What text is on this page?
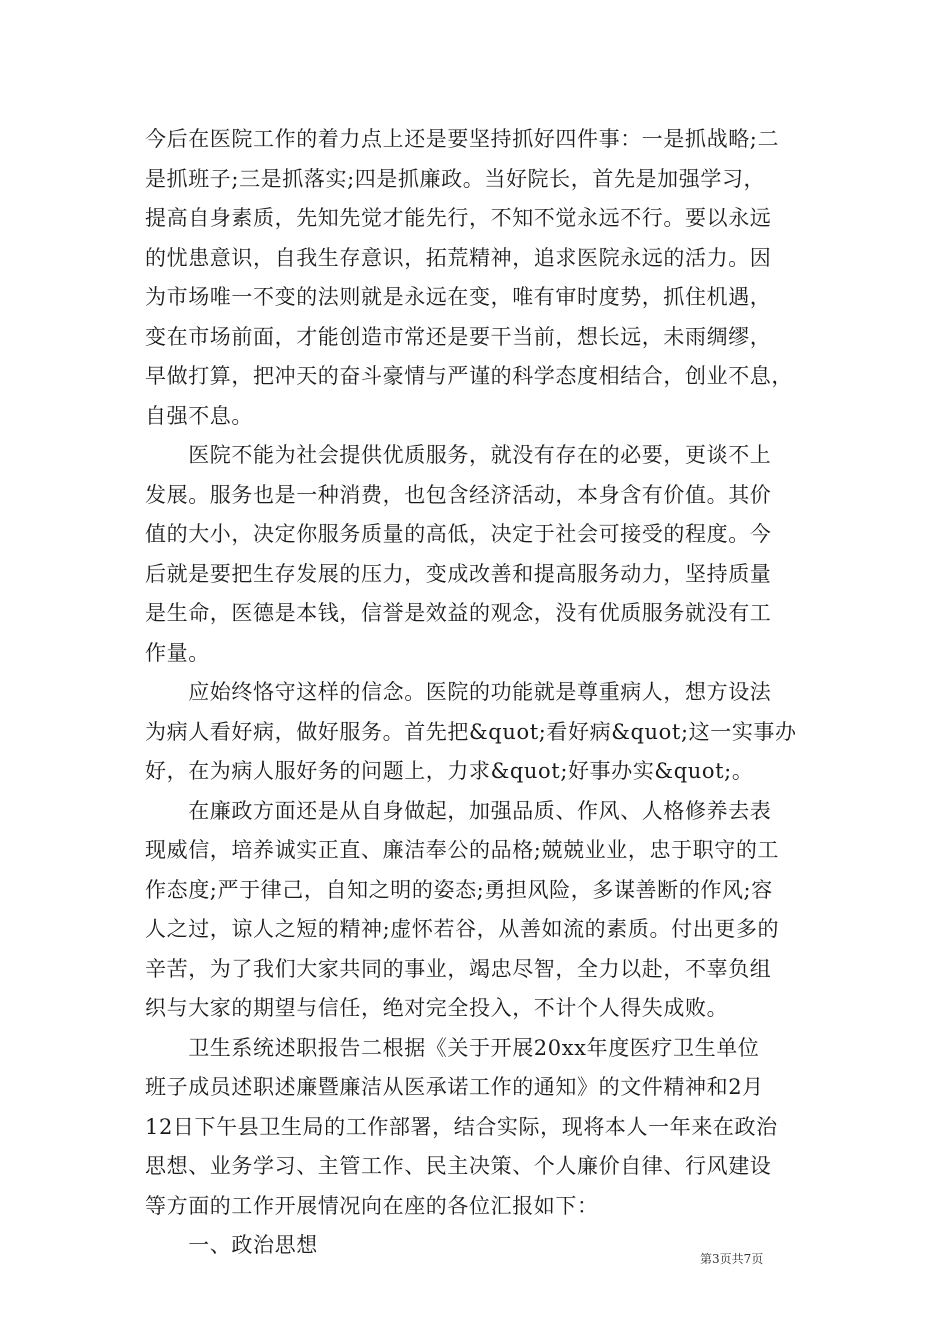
今后在医院工作的着力点上还是要坚持抓好四件事：一是抓战略;二
是抓班子;三是抓落实;四是抓廉政。当好院长，首先是加强学习，
提高自身素质，先知先觉才能先行，不知不觉永远不行。要以永远
的忧患意识，自我生存意识，拓荒精神，追求医院永远的活力。因
为市场唯一不变的法则就是永远在变，唯有审时度势，抓住机遇，
变在市场前面，才能创造市常还是要干当前，想长远，未雨绸缪，
早做打算，把冲天的奋斗豪情与严谨的科学态度相结合，创业不息，
自强不息。
　　医院不能为社会提供优质服务，就没有存在的必要，更谈不上
发展。服务也是一种消费，也包含经济活动，本身含有价值。其价
值的大小，决定你服务质量的高低，决定于社会可接受的程度。今
后就是要把生存发展的压力，变成改善和提高服务动力，坚持质量
是生命，医德是本钱，信誉是效益的观念，没有优质服务就没有工
作量。
　　应始终恪守这样的信念。医院的功能就是尊重病人，想方设法
为病人看好病，做好服务。首先把&quot;看好病&quot;这一实事办
好，在为病人服好务的问题上，力求&quot;好事办实&quot;。
　　在廉政方面还是从自身做起，加强品质、作风、人格修养去表
现威信，培养诚实正直、廉洁奉公的品格;兢兢业业，忠于职守的工
作态度;严于律己，自知之明的姿态;勇担风险，多谋善断的作风;容
人之过，谅人之短的精神;虚怀若谷，从善如流的素质。付出更多的
辛苦，为了我们大家共同的事业，竭忠尽智，全力以赴，不辜负组
织与大家的期望与信任，绝对完全投入，不计个人得失成败。
　　卫生系统述职报告二根据《关于开展20xx年度医疗卫生单位
班子成员述职述廉暨廉洁从医承诺工作的通知》的文件精神和2月
12日下午县卫生局的工作部署，结合实际，现将本人一年来在政治
思想、业务学习、主管工作、民主决策、个人廉价自律、行风建设
等方面的工作开展情况向在座的各位汇报如下：
　　一、政治思想
第3页共7页
